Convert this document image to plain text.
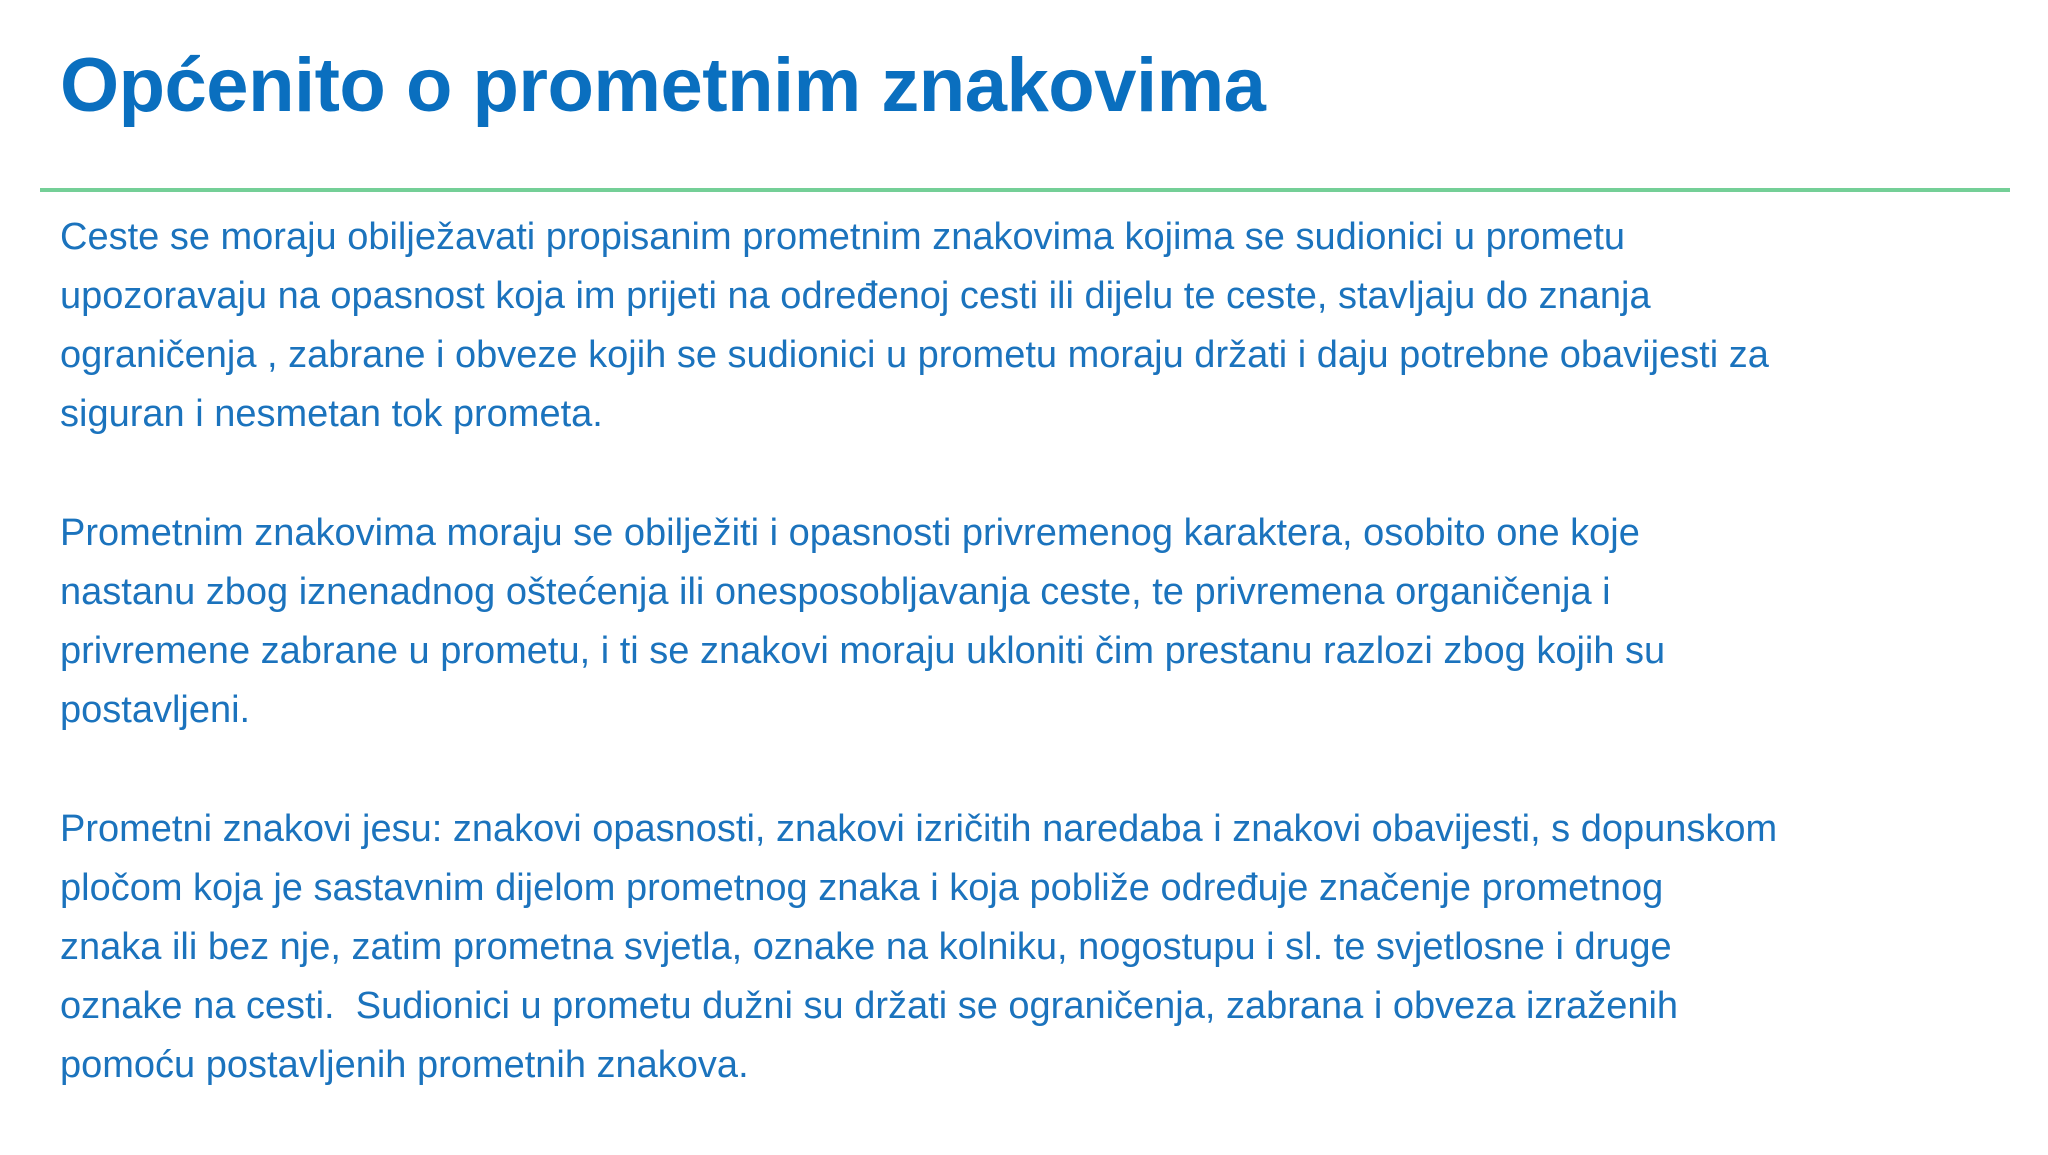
Općenito o prometnim znakovima

Ceste se moraju obilježavati propisanim prometnim znakovima kojima se sudionici u prometu
upozoravaju na opasnost koja im prijeti na određenoj cesti ili dijelu te ceste, stavljaju do znanja
ograničenja , zabrane i obveze kojih se sudionici u prometu moraju držati i daju potrebne obavijesti za
siguran i nesmetan tok prometa.

Prometnim znakovima moraju se obilježiti i opasnosti privremenog karaktera, osobito one koje
nastanu zbog iznenadnog oštećenja ili onesposobljavanja ceste, te privremena organičenja i
privremene zabrane u prometu, i ti se znakovi moraju ukloniti čim prestanu razlozi zbog kojih su
postavljeni.

Prometni znakovi jesu: znakovi opasnosti, znakovi izričitih naredaba i znakovi obavijesti, s dopunskom
pločom koja je sastavnim dijelom prometnog znaka i koja pobliže određuje značenje prometnog
znaka ili bez nje, zatim prometna svjetla, oznake na kolniku, nogostupu i sl. te svjetlosne i druge
oznake na cesti.  Sudionici u prometu dužni su držati se ograničenja, zabrana i obveza izraženih
pomoću postavljenih prometnih znakova.
